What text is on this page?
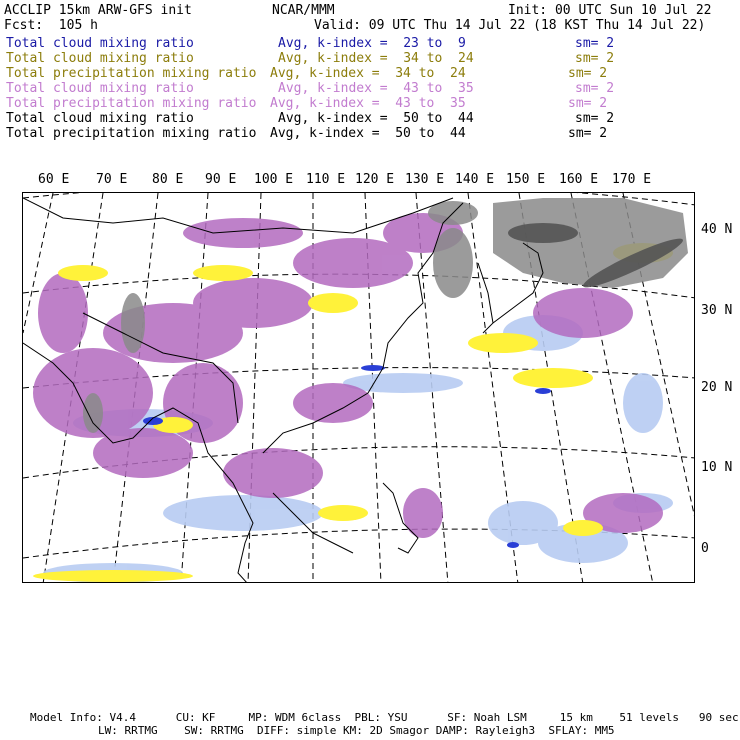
ACCLIP 15km ARW-GFS init	NCAR/MMM	Init: 00 UTC Sun 10 Jul 22
Fcst:  105 h	Valid: 09 UTC Thu 14 Jul 22 (18 KST Thu 14 Jul 22)
Total cloud mixing ratio	Avg, k-index =  23 to  9	sm= 2
Total cloud mixing ratio	Avg, k-index =  34 to  24	sm= 2
Total precipitation mixing ratio Avg, k-index =  34 to  24	sm= 2
Total cloud mixing ratio	Avg, k-index =  43 to  35	sm= 2
Total precipitation mixing ratio Avg, k-index =  43 to  35	sm= 2
Total cloud mixing ratio	Avg, k-index =  50 to  44	sm= 2
Total precipitation mixing ratio Avg, k-index =  50 to  44	sm= 2
60 E 70 E 80 E 90 E 100 E 110 E 120 E 130 E 140 E 150 E 160 E 170 E
40 N
30 N
20 N
10 N
0
Model Info: V4.4      CU: KF     MP: WDM 6class  PBL: YSU      SF: Noah LSM     15 km    51 levels   90 sec
LW: RRTMG    SW: RRTMG  DIFF: simple KM: 2D Smagor DAMP: Rayleigh3  SFLAY: MM5
